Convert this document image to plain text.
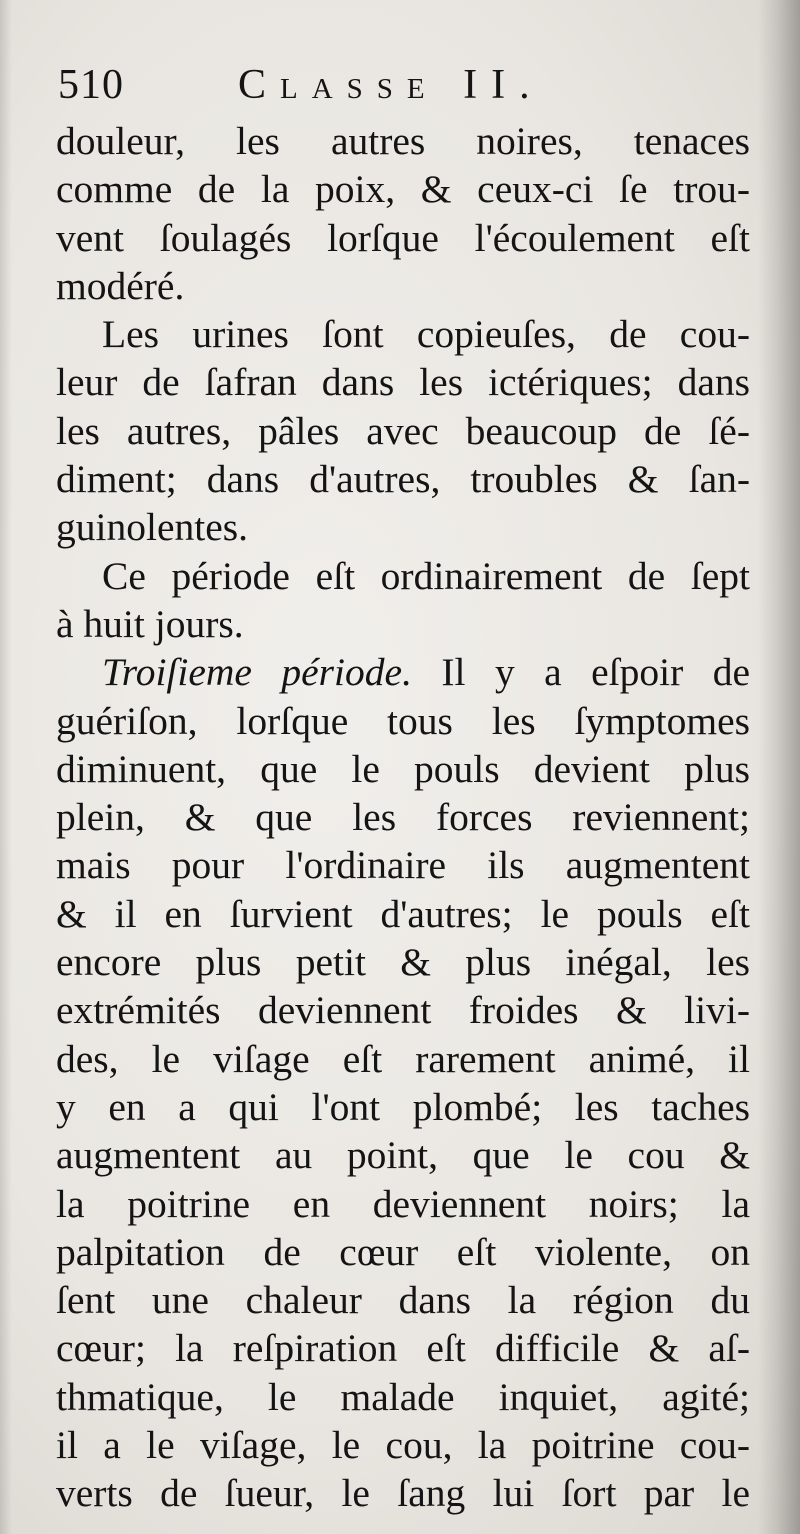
510	Classe II.
douleur, les autres noires, tenaces
comme de la poix, & ceux-ci ſe trou-
vent ſoulagés lorſque l'écoulement eſt
modéré.
Les urines ſont copieuſes, de cou-
leur de ſafran dans les ictériques; dans
les autres, pâles avec beaucoup de ſé-
diment; dans d'autres, troubles & ſan-
guinolentes.
Ce période eſt ordinairement de ſept
à huit jours.
Troiſieme période. Il y a eſpoir de
guériſon, lorſque tous les ſymptomes
diminuent, que le pouls devient plus
plein, & que les forces reviennent;
mais pour l'ordinaire ils augmentent
& il en ſurvient d'autres; le pouls eſt
encore plus petit & plus inégal, les
extrémités deviennent froides & livi-
des, le viſage eſt rarement animé, il
y en a qui l'ont plombé; les taches
augmentent au point, que le cou &
la poitrine en deviennent noirs; la
palpitation de cœur eſt violente, on
ſent une chaleur dans la région du
cœur; la reſpiration eſt difficile & aſ-
thmatique, le malade inquiet, agité;
il a le viſage, le cou, la poitrine cou-
verts de ſueur, le ſang lui ſort par le
